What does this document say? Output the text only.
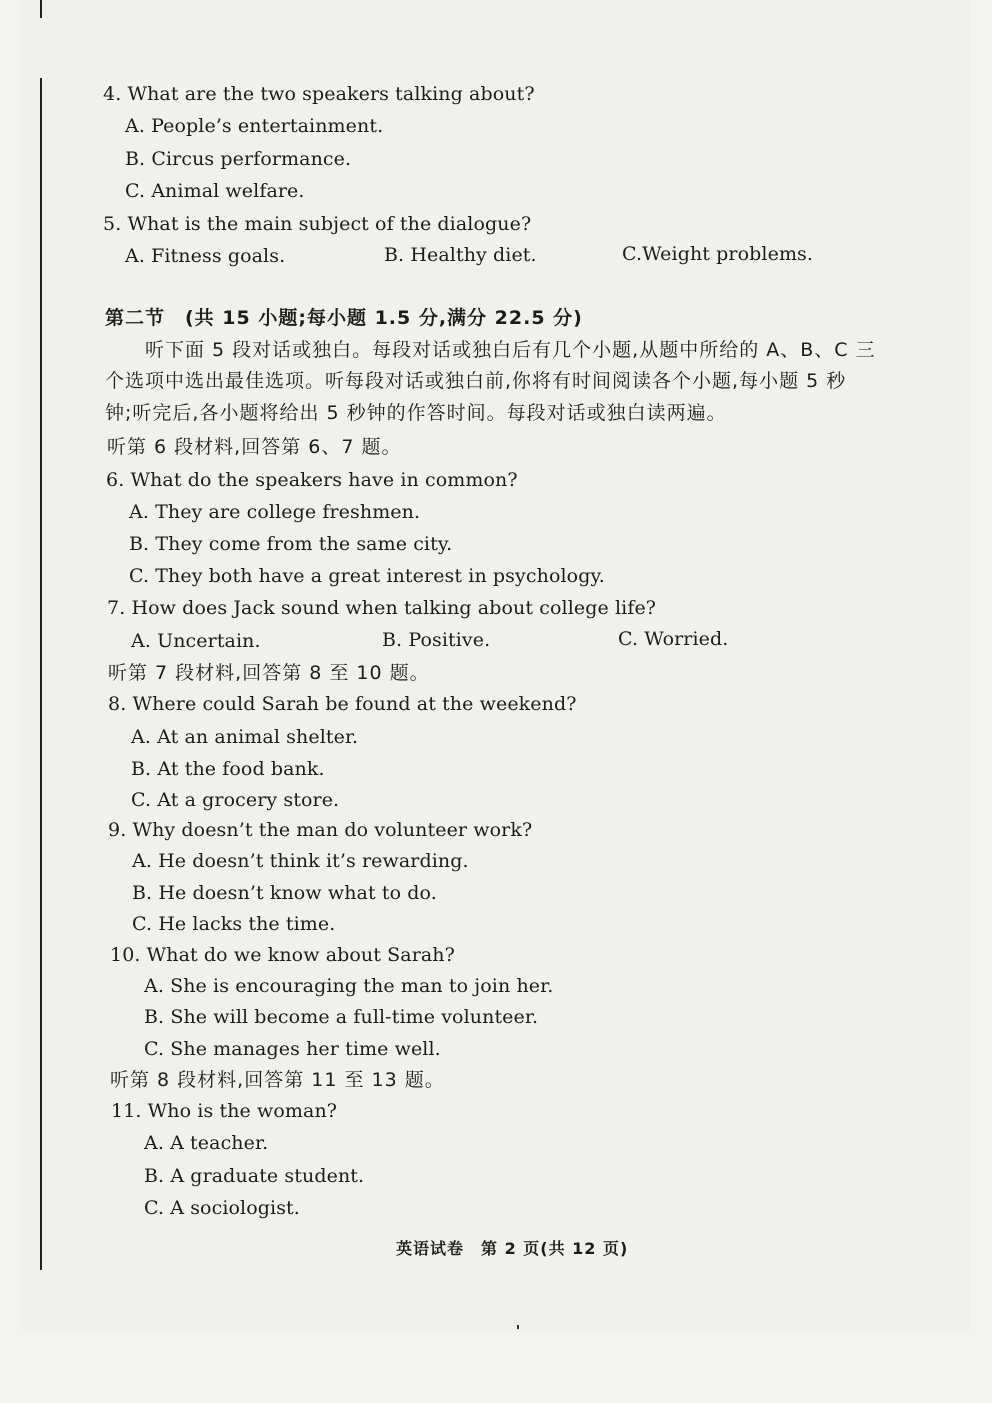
4. What are the two speakers talking about?
A. People’s entertainment.
B. Circus performance.
C. Animal welfare.
5. What is the main subject of the dialogue?
A. Fitness goals.	B. Healthy diet.	C.Weight problems.
第二节　(共 15 小题;每小题 1.5 分,满分 22.5 分)
　　听下面 5 段对话或独白。每段对话或独白后有几个小题,从题中所给的 A、B、C 三
个选项中选出最佳选项。听每段对话或独白前,你将有时间阅读各个小题,每小题 5 秒
钟;听完后,各小题将给出 5 秒钟的作答时间。每段对话或独白读两遍。
听第 6 段材料,回答第 6、7 题。
6. What do the speakers have in common?
A. They are college freshmen.
B. They come from the same city.
C. They both have a great interest in psychology.
7. How does Jack sound when talking about college life?
A. Uncertain.	B. Positive.	C. Worried.
听第 7 段材料,回答第 8 至 10 题。
8. Where could Sarah be found at the weekend?
A. At an animal shelter.
B. At the food bank.
C. At a grocery store.
9. Why doesn’t the man do volunteer work?
A. He doesn’t think it’s rewarding.
B. He doesn’t know what to do.
C. He lacks the time.
10. What do we know about Sarah?
A. She is encouraging the man to join her.
B. She will become a full-time volunteer.
C. She manages her time well.
听第 8 段材料,回答第 11 至 13 题。
11. Who is the woman?
A. A teacher.
B. A graduate student.
C. A sociologist.
英语试卷　第 2 页(共 12 页)
